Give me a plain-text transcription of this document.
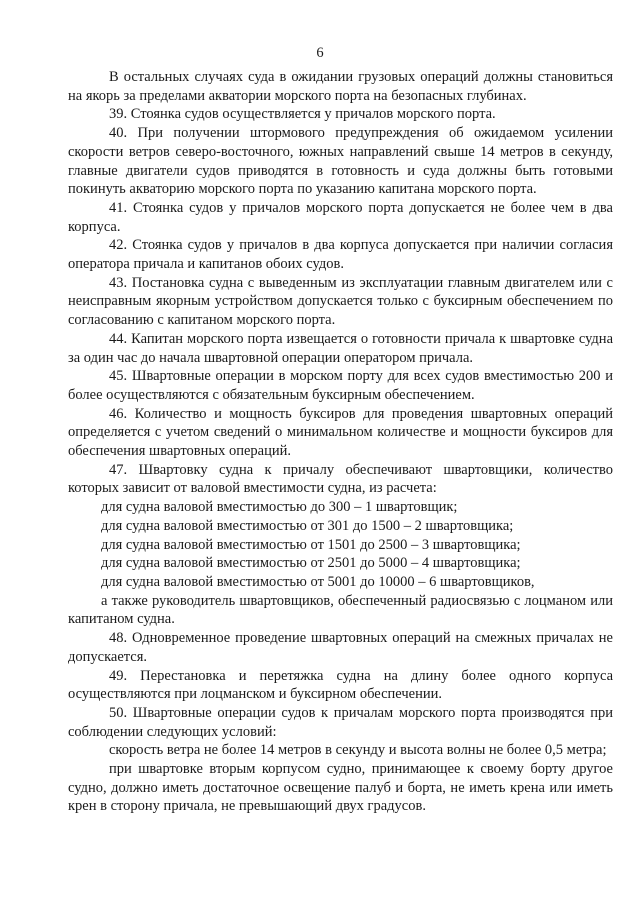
6

В остальных случаях суда в ожидании грузовых операций должны становиться на якорь за пределами акватории морского порта на безопасных глубинах.

39. Стоянка судов осуществляется у причалов морского порта.

40. При получении штормового предупреждения об ожидаемом усилении скорости ветров северо-восточного, южных направлений свыше 14 метров в секунду, главные двигатели судов приводятся в готовность и суда должны быть готовыми покинуть акваторию морского порта по указанию капитана морского порта.

41. Стоянка судов у причалов морского порта допускается не более чем в два корпуса.

42. Стоянка судов у причалов в два корпуса допускается при наличии согласия оператора причала и капитанов обоих судов.

43. Постановка судна с выведенным из эксплуатации главным двигателем или с неисправным якорным устройством допускается только с буксирным обеспечением по согласованию с капитаном морского порта.

44. Капитан морского порта извещается о готовности причала к швартовке судна за один час до начала швартовной операции оператором причала.

45. Швартовные операции в морском порту для всех судов вместимостью 200 и более осуществляются с обязательным буксирным обеспечением.

46. Количество и мощность буксиров для проведения швартовных операций определяется с учетом сведений о минимальном количестве и мощности буксиров для обеспечения швартовных операций.

47. Швартовку судна к причалу обеспечивают швартовщики, количество которых зависит от валовой вместимости судна, из расчета:

для судна валовой вместимостью до 300 – 1 швартовщик;

для судна валовой вместимостью от 301 до 1500 – 2 швартовщика;

для судна валовой вместимостью от 1501 до 2500 – 3 швартовщика;

для судна валовой вместимостью от 2501 до 5000 – 4 швартовщика;

для судна валовой вместимостью от 5001 до 10000 – 6 швартовщиков,

а также руководитель швартовщиков, обеспеченный радиосвязью с лоцманом или капитаном судна.

48. Одновременное проведение швартовных операций на смежных причалах не допускается.

49. Перестановка и перетяжка судна на длину более одного корпуса осуществляются при лоцманском и буксирном обеспечении.

50. Швартовные операции судов к причалам морского порта производятся при соблюдении следующих условий:

скорость ветра не более 14 метров в секунду и высота волны не более 0,5 метра;

при швартовке вторым корпусом судно, принимающее к своему борту другое судно, должно иметь достаточное освещение палуб и борта, не иметь крена или иметь крен в сторону причала, не превышающий двух градусов.
